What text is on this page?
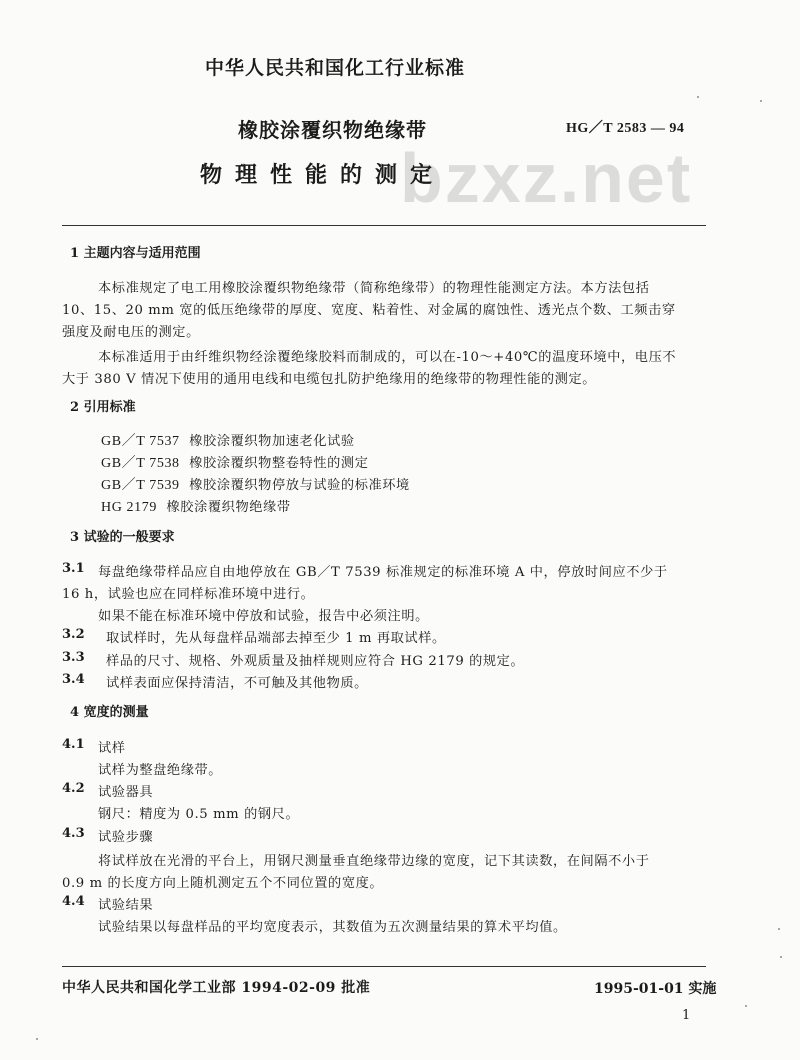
中华人民共和国化工行业标准
bzxz.net
橡胶涂覆织物绝缘带	HG／T 2583 — 94
物理性能的测定
1 主题内容与适用范围
本标准规定了电工用橡胶涂覆织物绝缘带（简称绝缘带）的物理性能测定方法。本方法包括
10、15、20 mm 宽的低压绝缘带的厚度、宽度、粘着性、对金属的腐蚀性、透光点个数、工频击穿
强度及耐电压的测定。
本标准适用于由纤维织物经涂覆绝缘胶料而制成的，可以在-10～+40℃的温度环境中，电压不
大于 380 V 情况下使用的通用电线和电缆包扎防护绝缘用的绝缘带的物理性能的测定。
2 引用标准
GB／T 7537 橡胶涂覆织物加速老化试验
GB／T 7538 橡胶涂覆织物整卷特性的测定
GB／T 7539 橡胶涂覆织物停放与试验的标准环境
HG 2179 橡胶涂覆织物绝缘带
3 试验的一般要求
3.1 每盘绝缘带样品应自由地停放在 GB／T 7539 标准规定的标准环境 A 中，停放时间应不少于
16 h，试验也应在同样标准环境中进行。
如果不能在标准环境中停放和试验，报告中必须注明。
3.2 取试样时，先从每盘样品端部去掉至少 1 m 再取试样。
3.3 样品的尺寸、规格、外观质量及抽样规则应符合 HG 2179 的规定。
3.4 试样表面应保持清洁，不可触及其他物质。
4 宽度的测量
4.1 试样
试样为整盘绝缘带。
4.2 试验器具
钢尺：精度为 0.5 mm 的钢尺。
4.3 试验步骤
将试样放在光滑的平台上，用钢尺测量垂直绝缘带边缘的宽度，记下其读数，在间隔不小于
0.9 m 的长度方向上随机测定五个不同位置的宽度。
4.4 试验结果
试验结果以每盘样品的平均宽度表示，其数值为五次测量结果的算术平均值。
中华人民共和国化学工业部 1994-02-09 批准	1995-01-01 实施
1
